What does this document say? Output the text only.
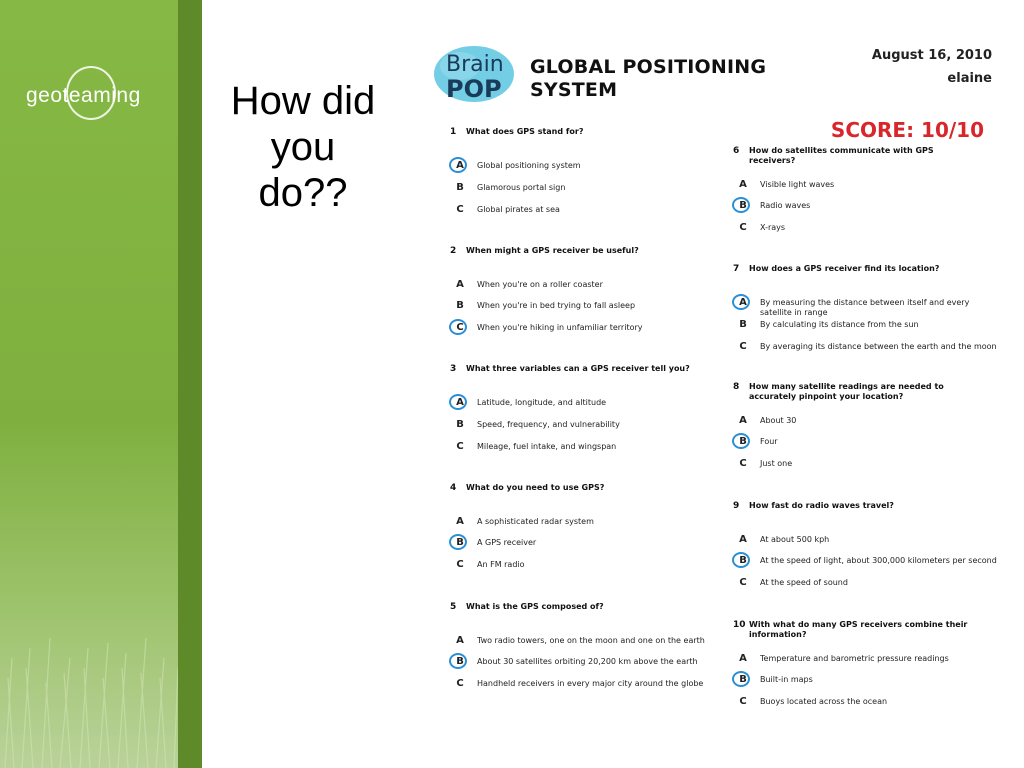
geoteaming	How did
you
do??
Brain
POP
GLOBAL POSITIONING
SYSTEM
August 16, 2010
elaine
SCORE: 10/10
1 What does GPS stand for?
A Global positioning system
B Glamorous portal sign
C Global pirates at sea
2 When might a GPS receiver be useful?
A When you're on a roller coaster
B When you're in bed trying to fall asleep
C When you're hiking in unfamiliar territory
3 What three variables can a GPS receiver tell you?
A Latitude, longitude, and altitude
B Speed, frequency, and vulnerability
C Mileage, fuel intake, and wingspan
4 What do you need to use GPS?
A A sophisticated radar system
B A GPS receiver
C An FM radio
5 What is the GPS composed of?
A Two radio towers, one on the moon and one on the earth
B About 30 satellites orbiting 20,200 km above the earth
C Handheld receivers in every major city around the globe
6 How do satellites communicate with GPS receivers?
A Visible light waves
B Radio waves
C X-rays
7 How does a GPS receiver find its location?
A By measuring the distance between itself and every satellite in range
B By calculating its distance from the sun
C By averaging its distance between the earth and the moon
8 How many satellite readings are needed to accurately pinpoint your location?
A About 30
B Four
C Just one
9 How fast do radio waves travel?
A At about 500 kph
B At the speed of light, about 300,000 kilometers per second
C At the speed of sound
10 With what do many GPS receivers combine their information?
A Temperature and barometric pressure readings
B Built-in maps
C Buoys located across the ocean
